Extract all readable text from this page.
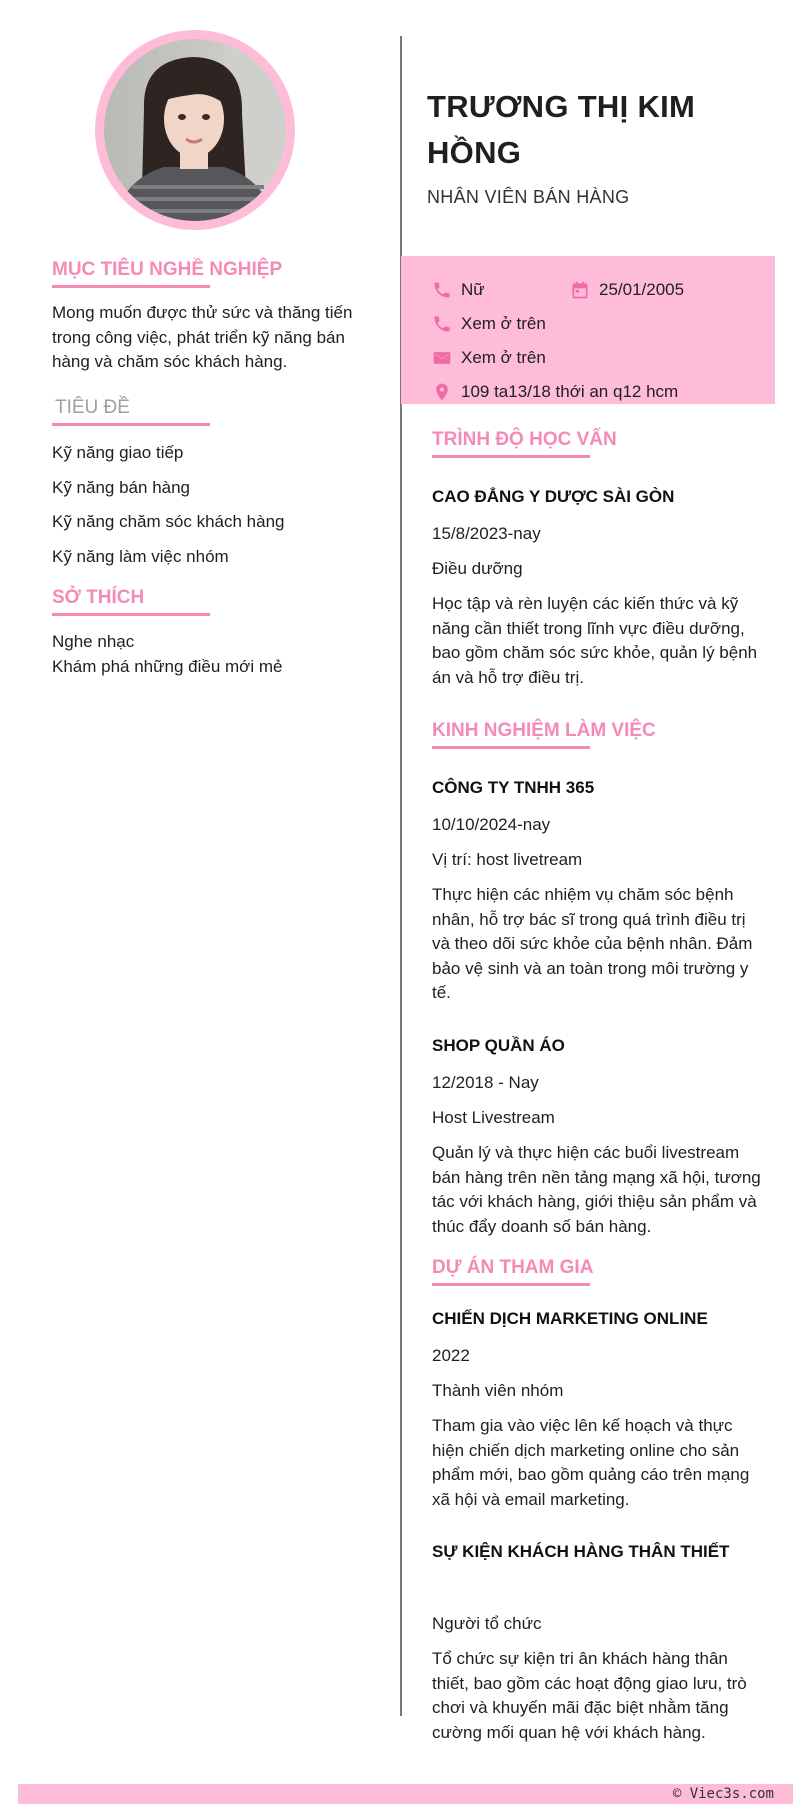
MỤC TIÊU NGHỀ NGHIỆP
Mong muốn được thử sức và thăng tiến trong công việc, phát triển kỹ năng bán hàng và chăm sóc khách hàng.
TIÊU ĐỀ
Kỹ năng giao tiếp
Kỹ năng bán hàng
Kỹ năng chăm sóc khách hàng
Kỹ năng làm việc nhóm
SỞ THÍCH
Nghe nhạc
Khám phá những điều mới mẻ
TRƯƠNG THỊ KIM HỒNG
NHÂN VIÊN BÁN HÀNG
Nữ	25/01/2005
Xem ở trên
Xem ở trên
109 ta13/18 thới an q12 hcm
TRÌNH ĐỘ HỌC VẤN
CAO ĐẲNG Y DƯỢC SÀI GÒN
15/8/2023-nay
Điều dưỡng
Học tập và rèn luyện các kiến thức và kỹ năng cần thiết trong lĩnh vực điều dưỡng, bao gồm chăm sóc sức khỏe, quản lý bệnh án và hỗ trợ điều trị.
KINH NGHIỆM LÀM VIỆC
CÔNG TY TNHH 365
10/10/2024-nay
Vị trí: host livetream
Thực hiện các nhiệm vụ chăm sóc bệnh nhân, hỗ trợ bác sĩ trong quá trình điều trị và theo dõi sức khỏe của bệnh nhân. Đảm bảo vệ sinh và an toàn trong môi trường y tế.
SHOP QUẦN ÁO
12/2018 - Nay
Host Livestream
Quản lý và thực hiện các buổi livestream bán hàng trên nền tảng mạng xã hội, tương tác với khách hàng, giới thiệu sản phẩm và thúc đẩy doanh số bán hàng.
DỰ ÁN THAM GIA
CHIẾN DỊCH MARKETING ONLINE
2022
Thành viên nhóm
Tham gia vào việc lên kế hoạch và thực hiện chiến dịch marketing online cho sản phẩm mới, bao gồm quảng cáo trên mạng xã hội và email marketing.
SỰ KIỆN KHÁCH HÀNG THÂN THIẾT
Người tổ chức
Tổ chức sự kiện tri ân khách hàng thân thiết, bao gồm các hoạt động giao lưu, trò chơi và khuyến mãi đặc biệt nhằm tăng cường mối quan hệ với khách hàng.
© Viec3s.com
